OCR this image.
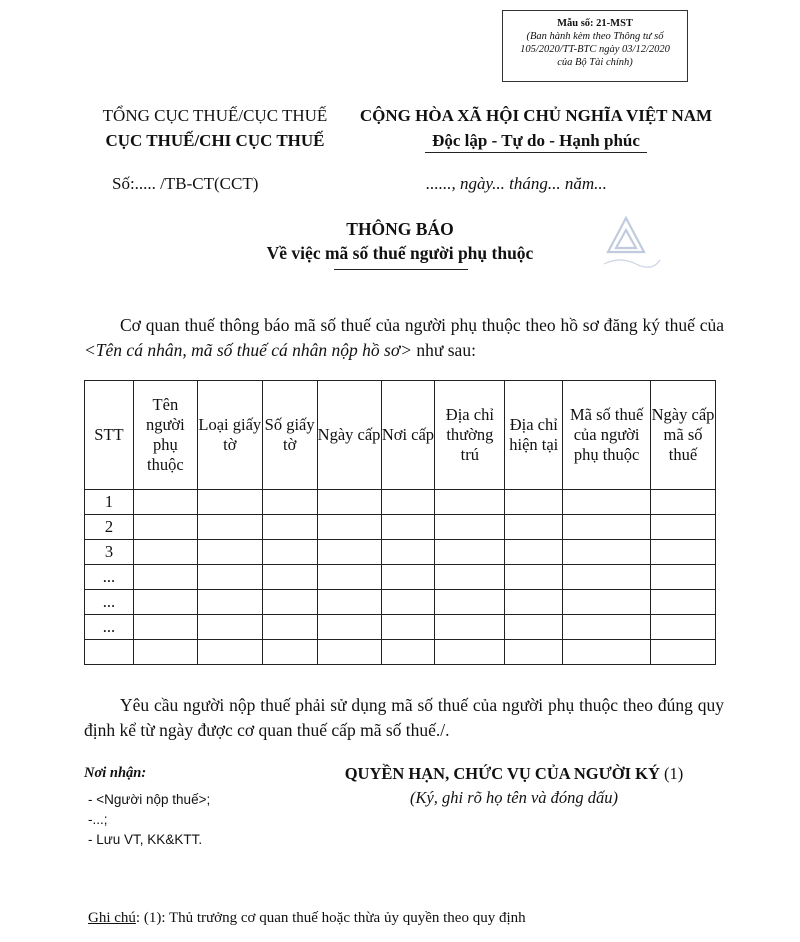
Mẫu số: 21-MST
(Ban hành kèm theo Thông tư số
105/2020/TT-BTC ngày 03/12/2020
của Bộ Tài chính)
TỔNG CỤC THUẾ/CỤC THUẾ
CỤC THUẾ/CHI CỤC THUẾ
CỘNG HÒA XÃ HỘI CHỦ NGHĨA VIỆT NAM
Độc lập - Tự do - Hạnh phúc
Số:..... /TB-CT(CCT)	......, ngày... tháng... năm...
THÔNG BÁO
Về việc mã số thuế người phụ thuộc
Cơ quan thuế thông báo mã số thuế của người phụ thuộc theo hồ sơ đăng ký thuế của <Tên cá nhân, mã số thuế cá nhân nộp hồ sơ> như sau:
STT	Tên người phụ thuộc	Loại giấy tờ	Số giấy tờ	Ngày cấp	Nơi cấp	Địa chỉ thường trú	Địa chỉ hiện tại	Mã số thuế của người phụ thuộc	Ngày cấp mã số thuế
1									
2									
3									
...									
...									
...									

Yêu cầu người nộp thuế phải sử dụng mã số thuế của người phụ thuộc theo đúng quy định kể từ ngày được cơ quan thuế cấp mã số thuế./.
Nơi nhận:
- <Người nộp thuế>;
-...;
- Lưu VT, KK&KTT.
QUYỀN HẠN, CHỨC VỤ CỦA NGƯỜI KÝ (1)
(Ký, ghi rõ họ tên và đóng dấu)
Ghi chú: (1): Thủ trưởng cơ quan thuế hoặc thừa ủy quyền theo quy định
